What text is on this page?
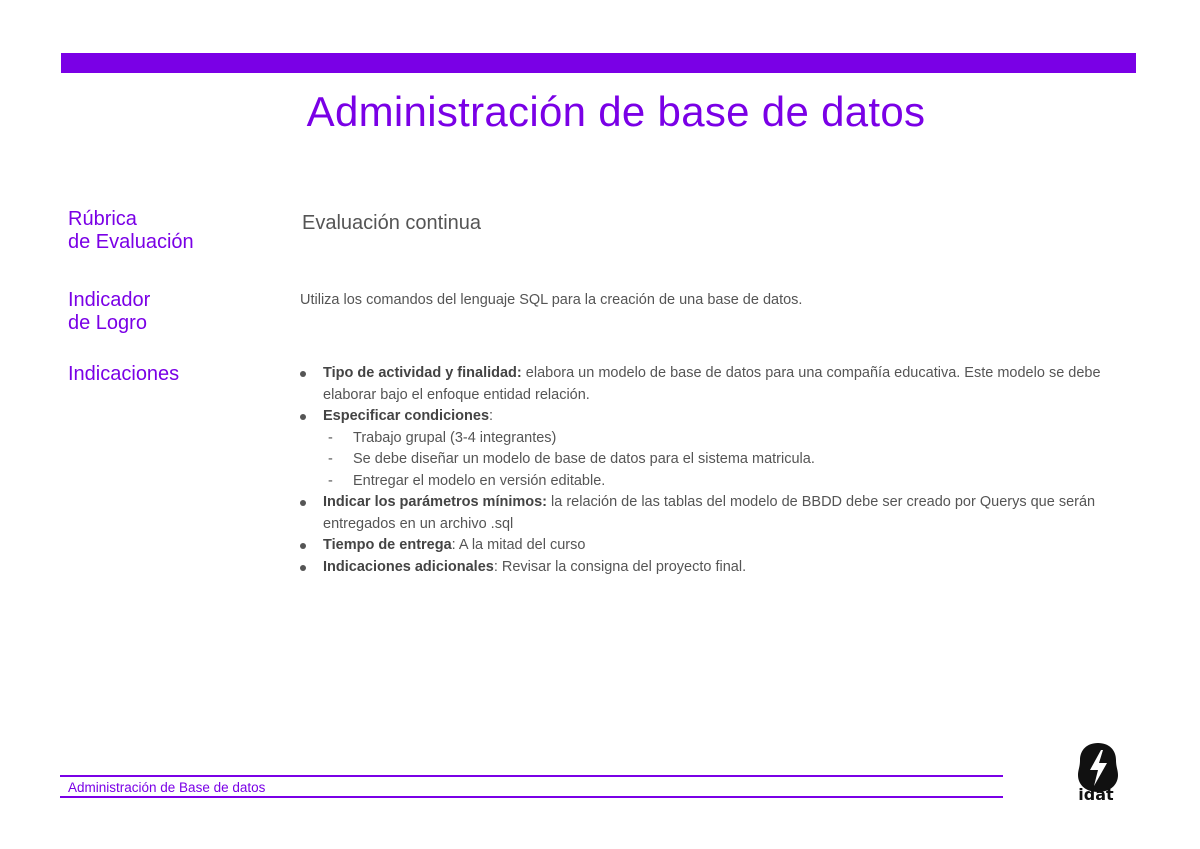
Administración de base de datos
Rúbrica
de Evaluación
Evaluación continua
Indicador
de Logro
Utiliza los comandos del lenguaje SQL para la creación de una base de datos.
Indicaciones	Tipo de actividad y finalidad: elabora un modelo de base de datos para una compañía educativa. Este modelo se debe elaborar bajo el enfoque entidad relación.
Especificar condiciones:
- Trabajo grupal (3-4 integrantes)
- Se debe diseñar un modelo de base de datos para el sistema matricula.
- Entregar el modelo en versión editable.
Indicar los parámetros mínimos: la relación de las tablas del modelo de BBDD debe ser creado por Querys que serán entregados en un archivo .sql
Tiempo de entrega: A la mitad del curso
Indicaciones adicionales: Revisar la consigna del proyecto final.
Administración de Base de datos	idat
